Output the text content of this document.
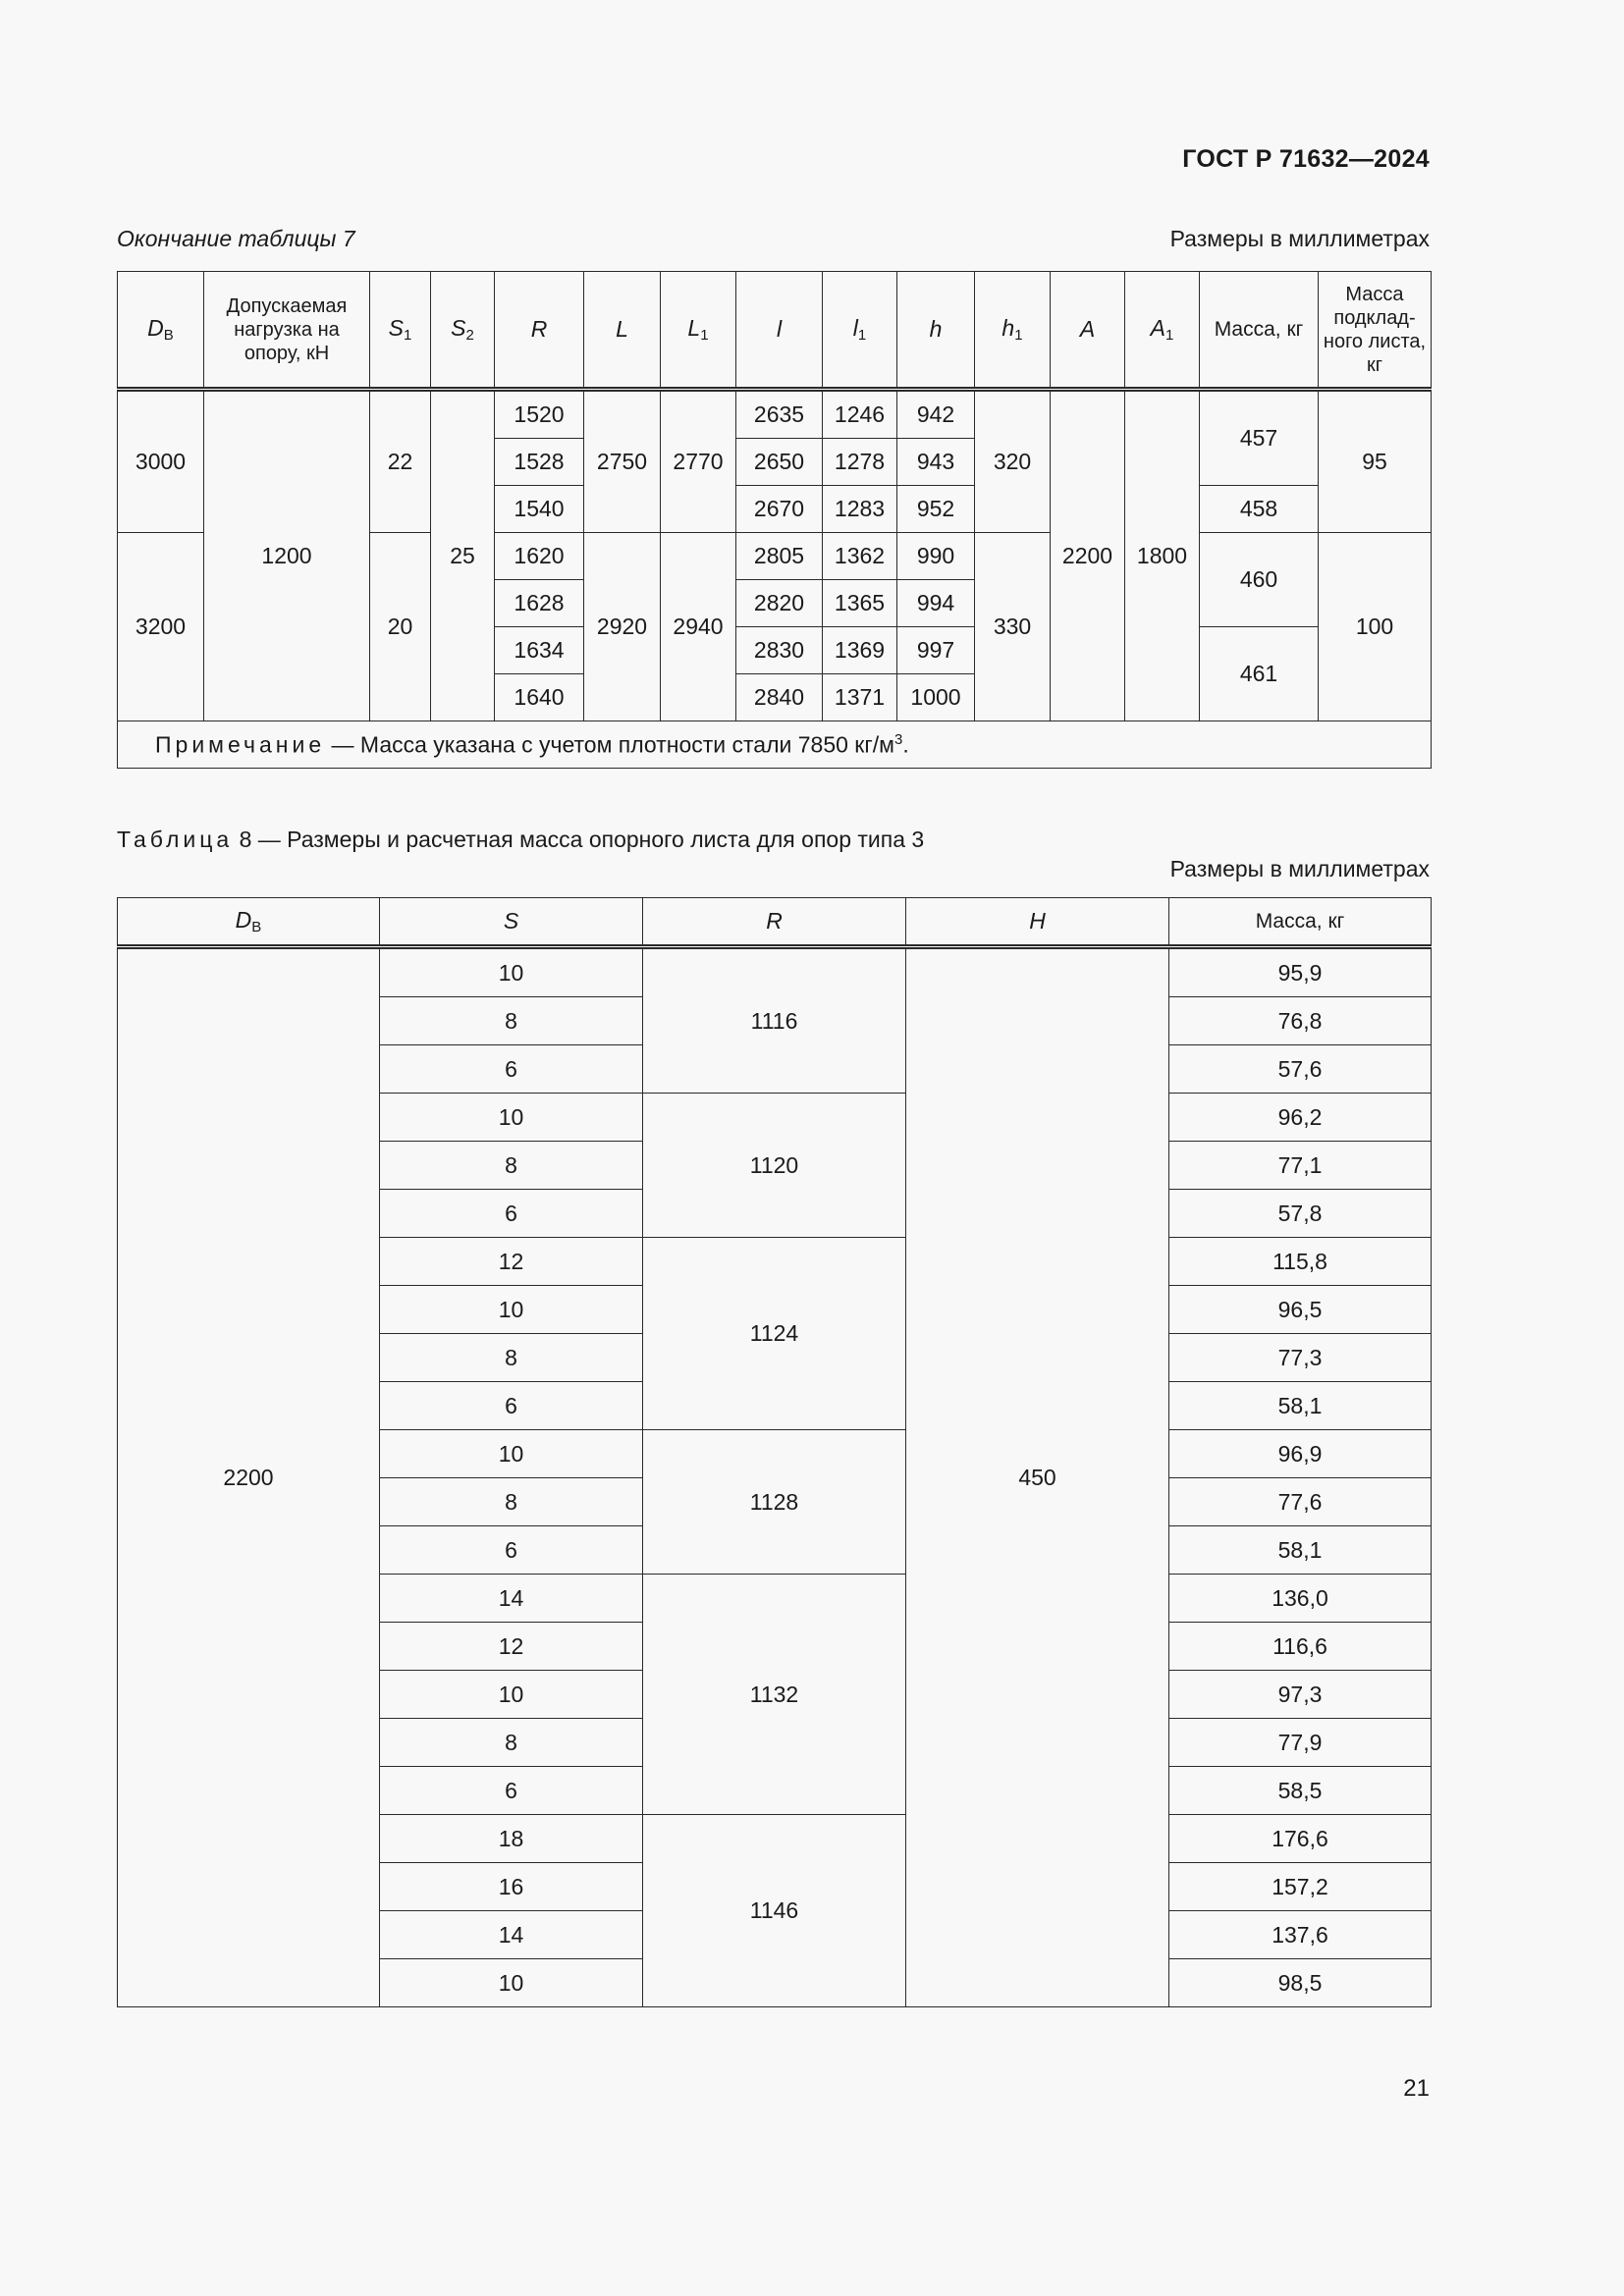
ГОСТ Р 71632—2024
Окончание таблицы 7	Размеры в миллиметрах
$D_В$	Допускаемая нагрузка на опору, кН	$S_1$	$S_2$	R	L	$L_1$	l	$l_1$	h	$h_1$	A	$A_1$	Масса, кг	Масса подклад-ного листа, кг
3000	1200	22	25	1520	2750	2770	2635	1246	942	320	2200	1800	457	95
				1528			2650	1278	943					
				1540			2670	1283	952				458	
3200		20		1620	2920	2940	2805	1362	990	330			460	100
				1628			2820	1365	994					
				1634			2830	1369	997				461	
				1640			2840	1371	1000					
Примечание — Масса указана с учетом плотности стали 7850 $кг/м^3$.														
Таблица 8 — Размеры и расчетная масса опорного листа для опор типа 3
Размеры в миллиметрах
$D_В$	S	R	H	Масса, кг
2200	10	1116	450	95,9
	8			76,8
	6			57,6
	10	1120		96,2
	8			77,1
	6			57,8
	12	1124		115,8
	10			96,5
	8			77,3
	6			58,1
	10	1128		96,9
	8			77,6
	6			58,1
	14	1132		136,0
	12			116,6
	10			97,3
	8			77,9
	6			58,5
	18	1146		176,6
	16			157,2
	14			137,6
	10			98,5
21
